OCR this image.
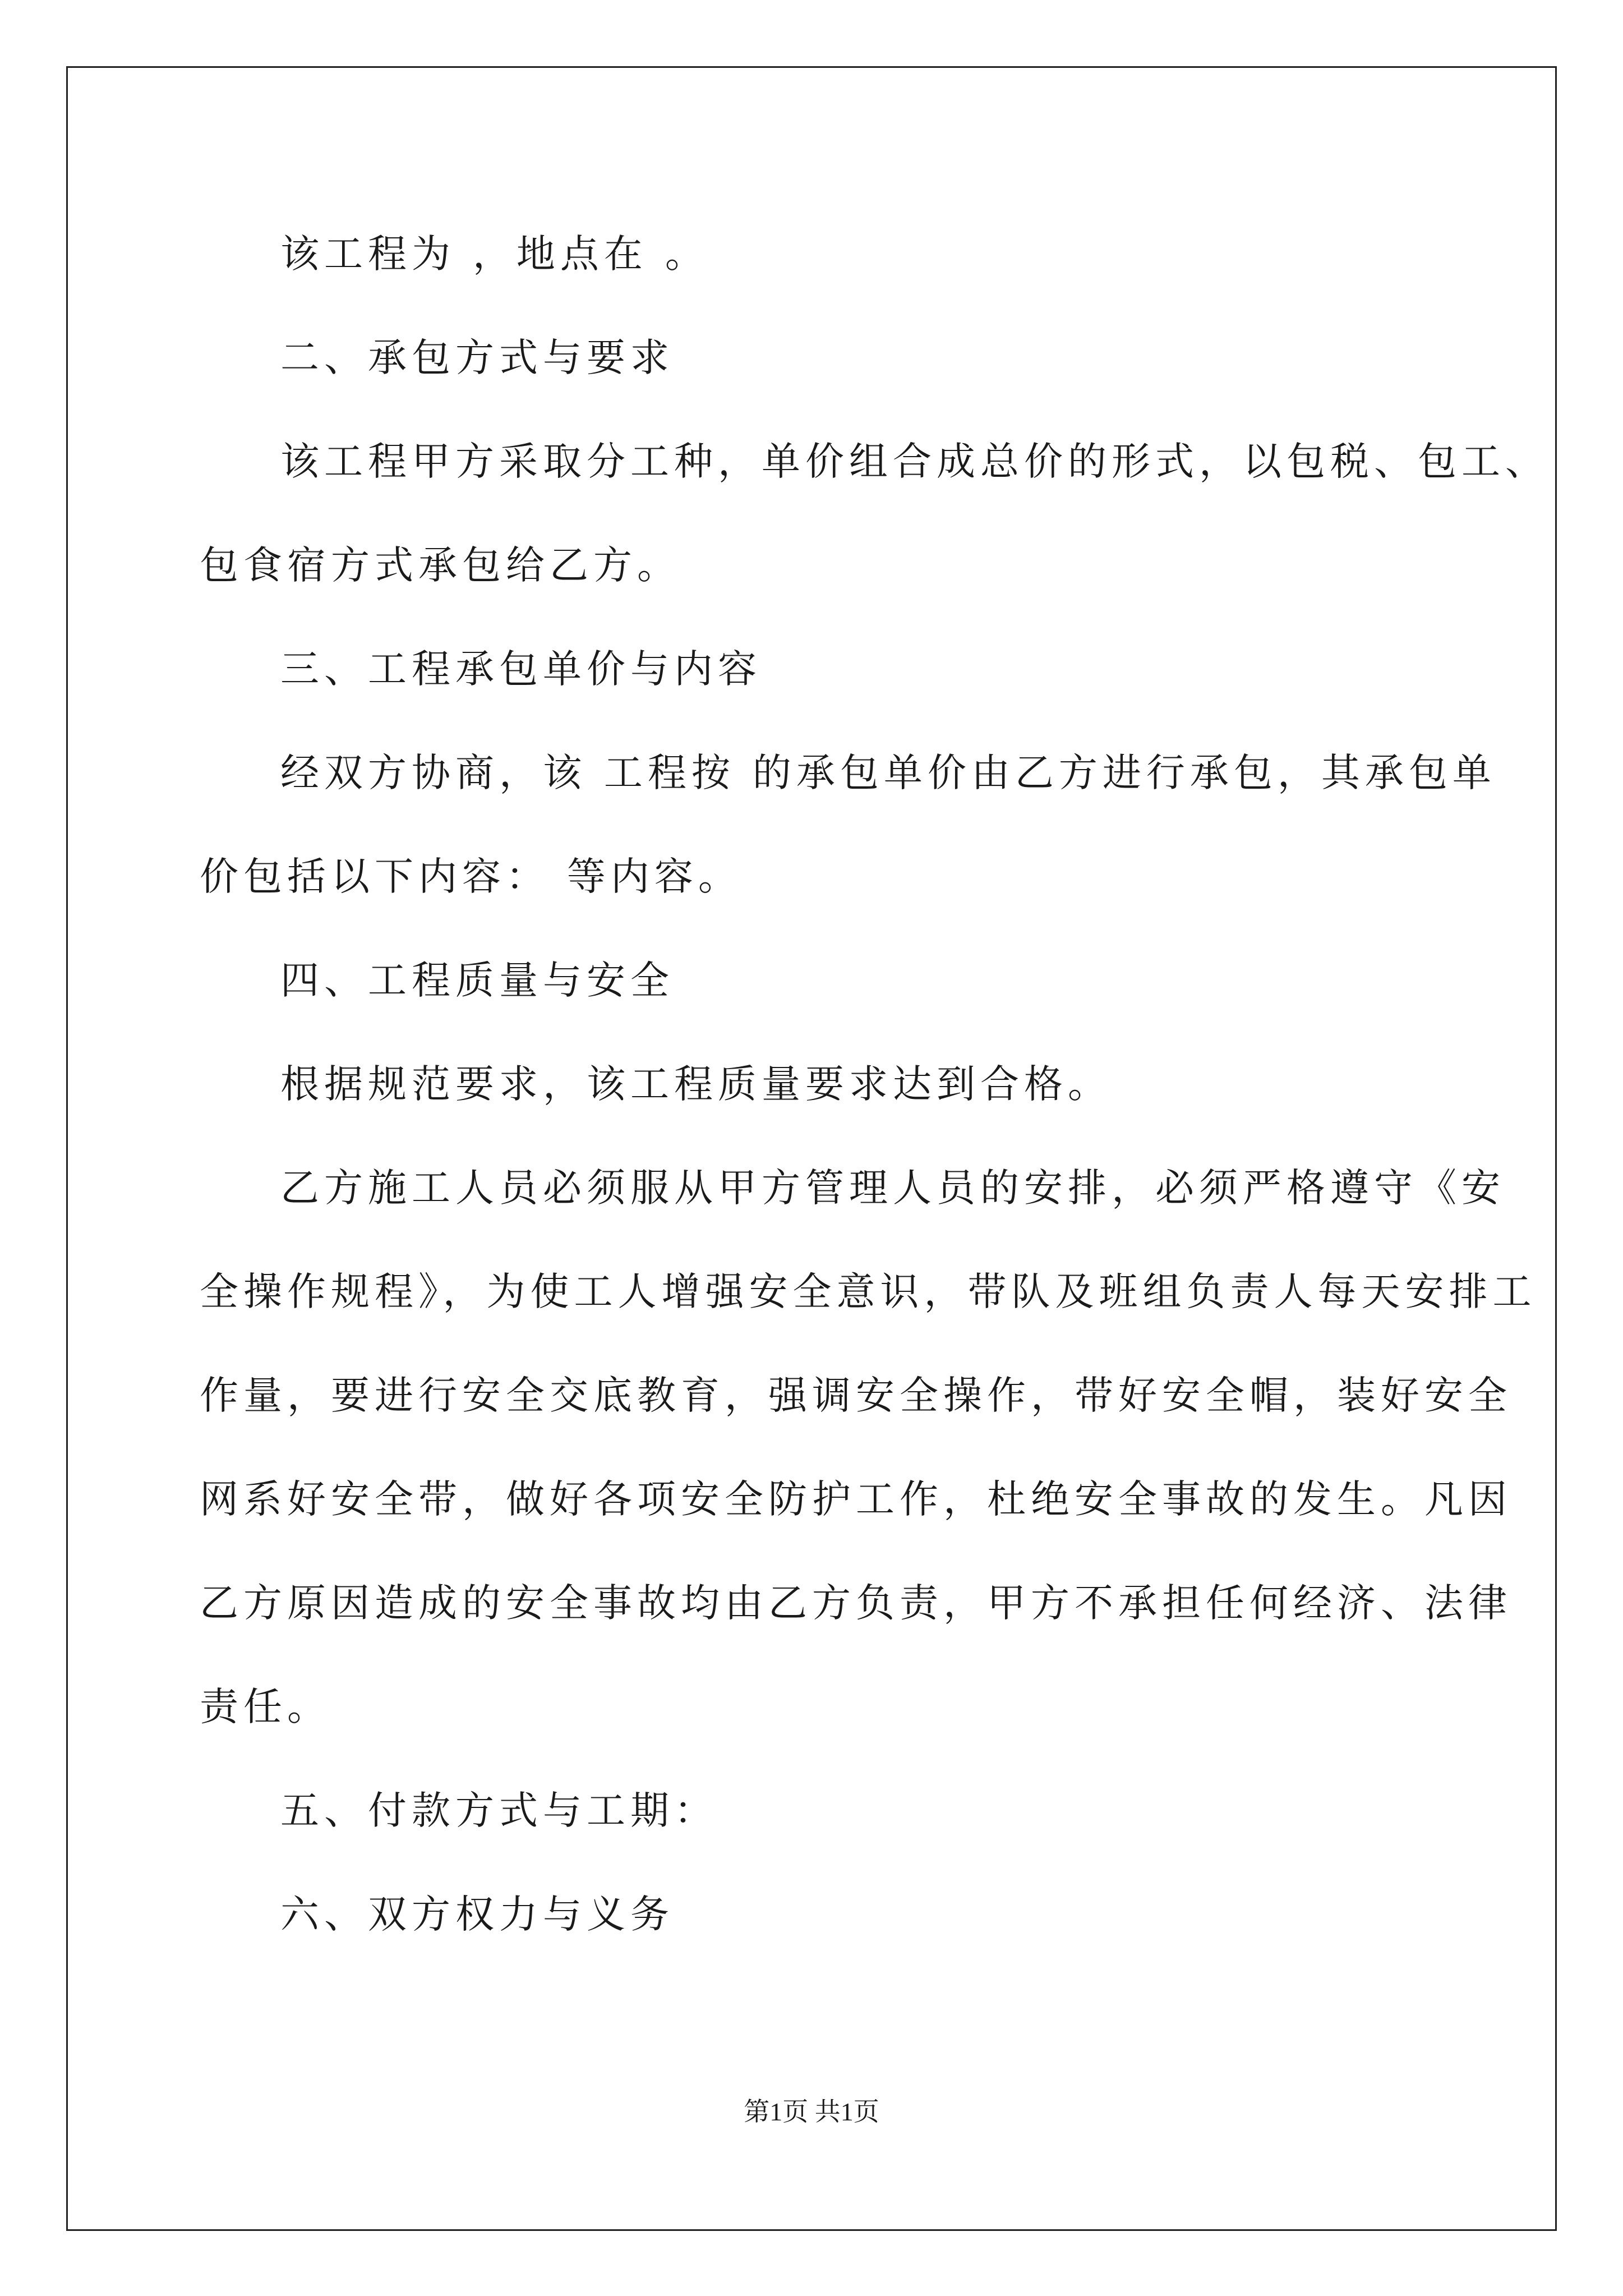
该工程为 ，地点在 。
二、承包方式与要求
该工程甲方采取分工种，单价组合成总价的形式，以包税、包工、
包食宿方式承包给乙方。
三、工程承包单价与内容
经双方协商，该 工程按 的承包单价由乙方进行承包，其承包单
价包括以下内容： 等内容。
四、工程质量与安全
根据规范要求，该工程质量要求达到合格。
乙方施工人员必须服从甲方管理人员的安排，必须严格遵守《安
全操作规程》，为使工人增强安全意识，带队及班组负责人每天安排工
作量，要进行安全交底教育，强调安全操作，带好安全帽，装好安全
网系好安全带，做好各项安全防护工作，杜绝安全事故的发生。凡因
乙方原因造成的安全事故均由乙方负责，甲方不承担任何经济、法律
责任。
五、付款方式与工期：
六、双方权力与义务
第1页 共1页
